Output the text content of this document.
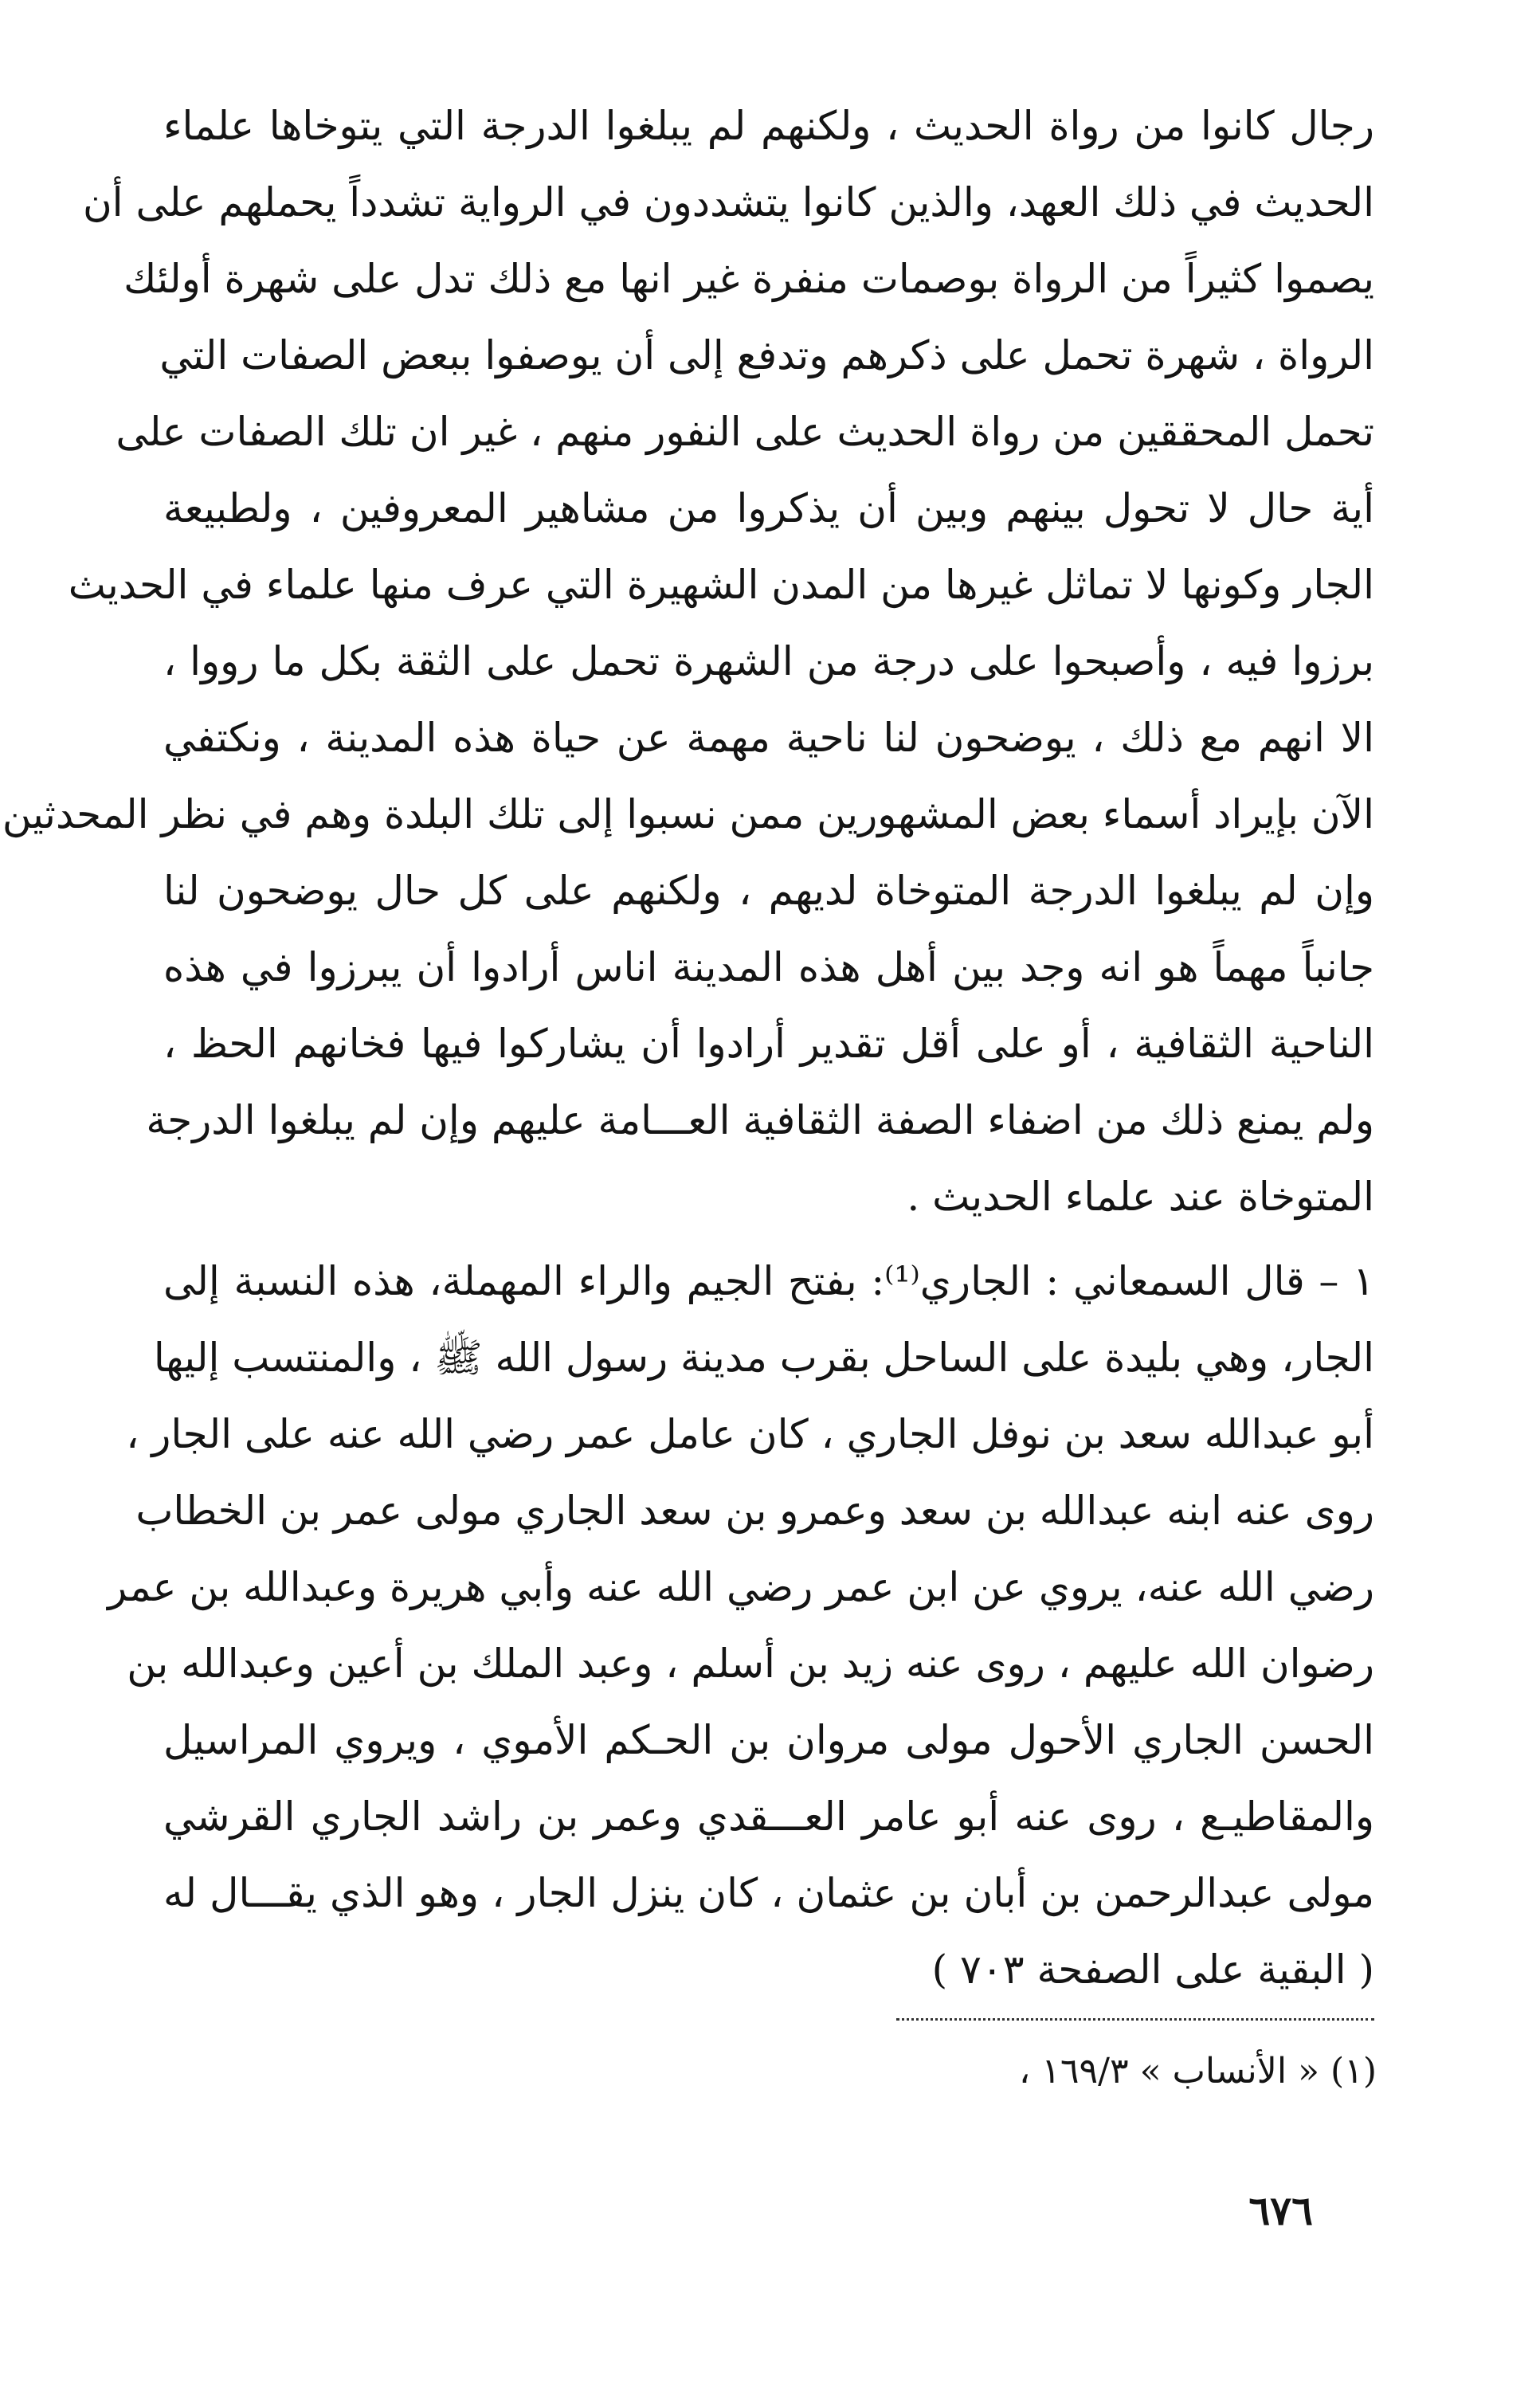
رجال كانوا من رواة الحديث ، ولكنهم لم يبلغوا الدرجة التي يتوخاها علماء
الحديث في ذلك العهد، والذين كانوا يتشددون في الرواية تشدداً يحملهم على أن
يصموا كثيراً من الرواة بوصمات منفرة غير انها مع ذلك تدل على شهرة أولئك
الرواة ، شهرة تحمل على ذكرهم وتدفع إلى أن يوصفوا ببعض الصفات التي
تحمل المحققين من رواة الحديث على النفور منهم ، غير ان تلك الصفات على
أية حال لا تحول بينهم وبين أن يذكروا من مشاهير المعروفين ، ولطبيعة
الجار وكونها لا تماثل غيرها من المدن الشهيرة التي عرف منها علماء في الحديث
برزوا فيه ، وأصبحوا على درجة من الشهرة تحمل على الثقة بكل ما رووا ،
الا انهم مع ذلك ، يوضحون لنا ناحية مهمة عن حياة هذه المدينة ، ونكتفي
الآن بإيراد أسماء بعض المشهورين ممن نسبوا إلى تلك البلدة وهم في نظر المحدثين
وإن لم يبلغوا الدرجة المتوخاة لديهم ، ولكنهم على كل حال يوضحون لنا
جانباً مهماً هو انه وجد بين أهل هذه المدينة اناس أرادوا أن يبرزوا في هذه
الناحية الثقافية ، أو على أقل تقدير أرادوا أن يشاركوا فيها فخانهم الحظ ،
ولم يمنع ذلك من اضفاء الصفة الثقافية العـــامة عليهم وإن لم يبلغوا الدرجة
المتوخاة عند علماء الحديث .
١ – قال السمعاني : الجاري⁽¹⁾: بفتح الجيم والراء المهملة، هذه النسبة إلى
الجار، وهي بليدة على الساحل بقرب مدينة رسول الله ﷺ ، والمنتسب إليها
أبو عبدالله سعد بن نوفل الجاري ، كان عامل عمر رضي الله عنه على الجار ،
روى عنه ابنه عبدالله بن سعد وعمرو بن سعد الجاري مولى عمر بن الخطاب
رضي الله عنه، يروي عن ابن عمر رضي الله عنه وأبي هريرة وعبدالله بن عمر
رضوان الله عليهم ، روى عنه زيد بن أسلم ، وعبد الملك بن أعين وعبدالله بن
الحسن الجاري الأحول مولى مروان بن الحـكم الأموي ، ويروي المراسيل
والمقاطيـع ، روى عنه أبو عامر العـــقدي وعمر بن راشد الجاري القرشي
مولى عبدالرحمن بن أبان بن عثمان ، كان ينزل الجار ، وهو الذي يقـــال له
( البقية على الصفحة ٧٠٣ )
(١) « الأنساب » ١٦٩/٣ ،
٦٧٦
